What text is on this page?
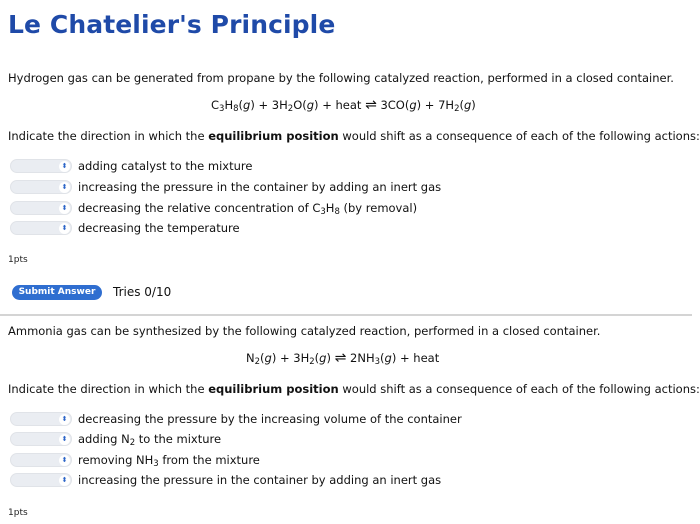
Le Chatelier's Principle
Hydrogen gas can be generated from propane by the following catalyzed reaction, performed in a closed container.
$C_3H_8(g) + 3H_2O(g)$ + heat ⇌ $3CO(g) + 7H_2(g)$
Indicate the direction in which the equilibrium position would shift as a consequence of each of the following actions:
⬍ adding catalyst to the mixture
⬍ increasing the pressure in the container by adding an inert gas
⬍ decreasing the relative concentration of $C_3H_8$ (by removal)
⬍ decreasing the temperature
1pts
Submit Answer	Tries 0/10
Ammonia gas can be synthesized by the following catalyzed reaction, performed in a closed container.
$N_2(g) + 3H_2(g)$ ⇌ $2NH_3(g)$ + heat
Indicate the direction in which the equilibrium position would shift as a consequence of each of the following actions:
⬍ decreasing the pressure by the increasing volume of the container
⬍ adding $N_2$ to the mixture
⬍ removing $NH_3$ from the mixture
⬍ increasing the pressure in the container by adding an inert gas
1pts
